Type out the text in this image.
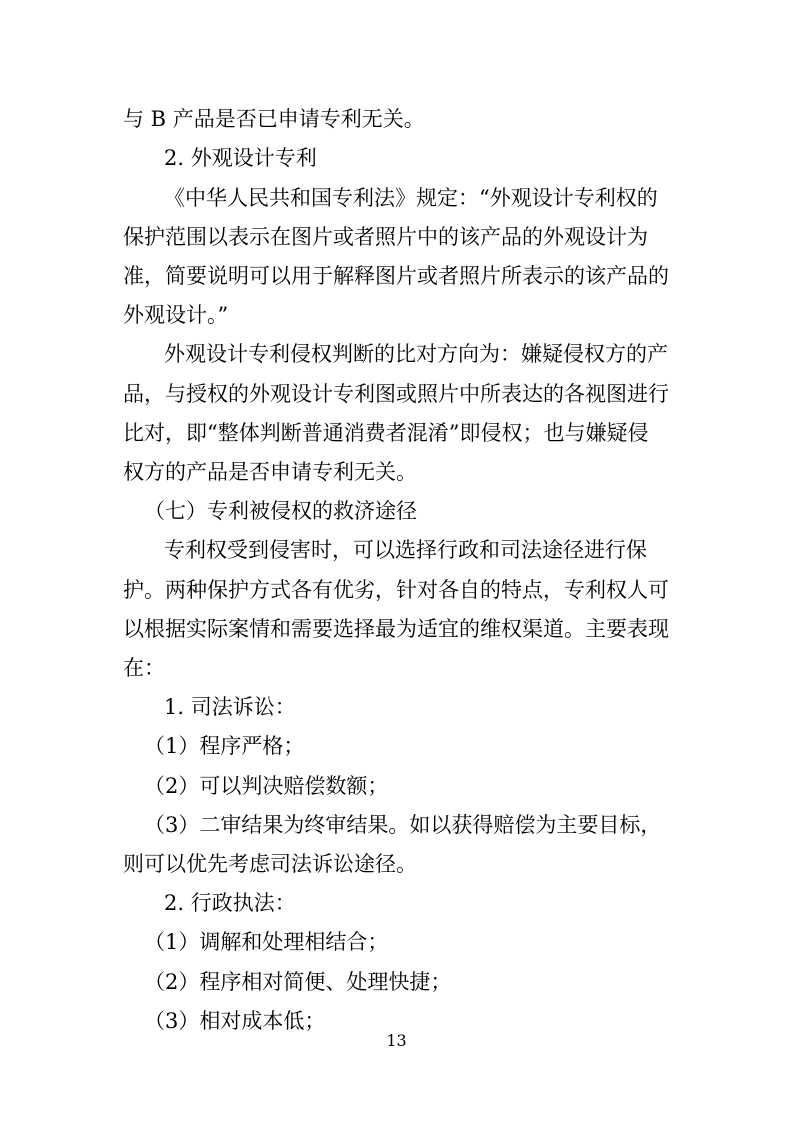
与 B 产品是否已申请专利无关。
2. 外观设计专利
《中华人民共和国专利法》规定：“外观设计专利权的
保护范围以表示在图片或者照片中的该产品的外观设计为
准，简要说明可以用于解释图片或者照片所表示的该产品的
外观设计。”
外观设计专利侵权判断的比对方向为：嫌疑侵权方的产
品，与授权的外观设计专利图或照片中所表达的各视图进行
比对，即“整体判断普通消费者混淆”即侵权；也与嫌疑侵
权方的产品是否申请专利无关。
（七）专利被侵权的救济途径
专利权受到侵害时，可以选择行政和司法途径进行保
护。两种保护方式各有优劣，针对各自的特点，专利权人可
以根据实际案情和需要选择最为适宜的维权渠道。主要表现
在：
1. 司法诉讼：
（1）程序严格；
（2）可以判决赔偿数额；
（3）二审结果为终审结果。如以获得赔偿为主要目标，
则可以优先考虑司法诉讼途径。
2. 行政执法：
（1）调解和处理相结合；
（2）程序相对简便、处理快捷；
（3）相对成本低；
13
